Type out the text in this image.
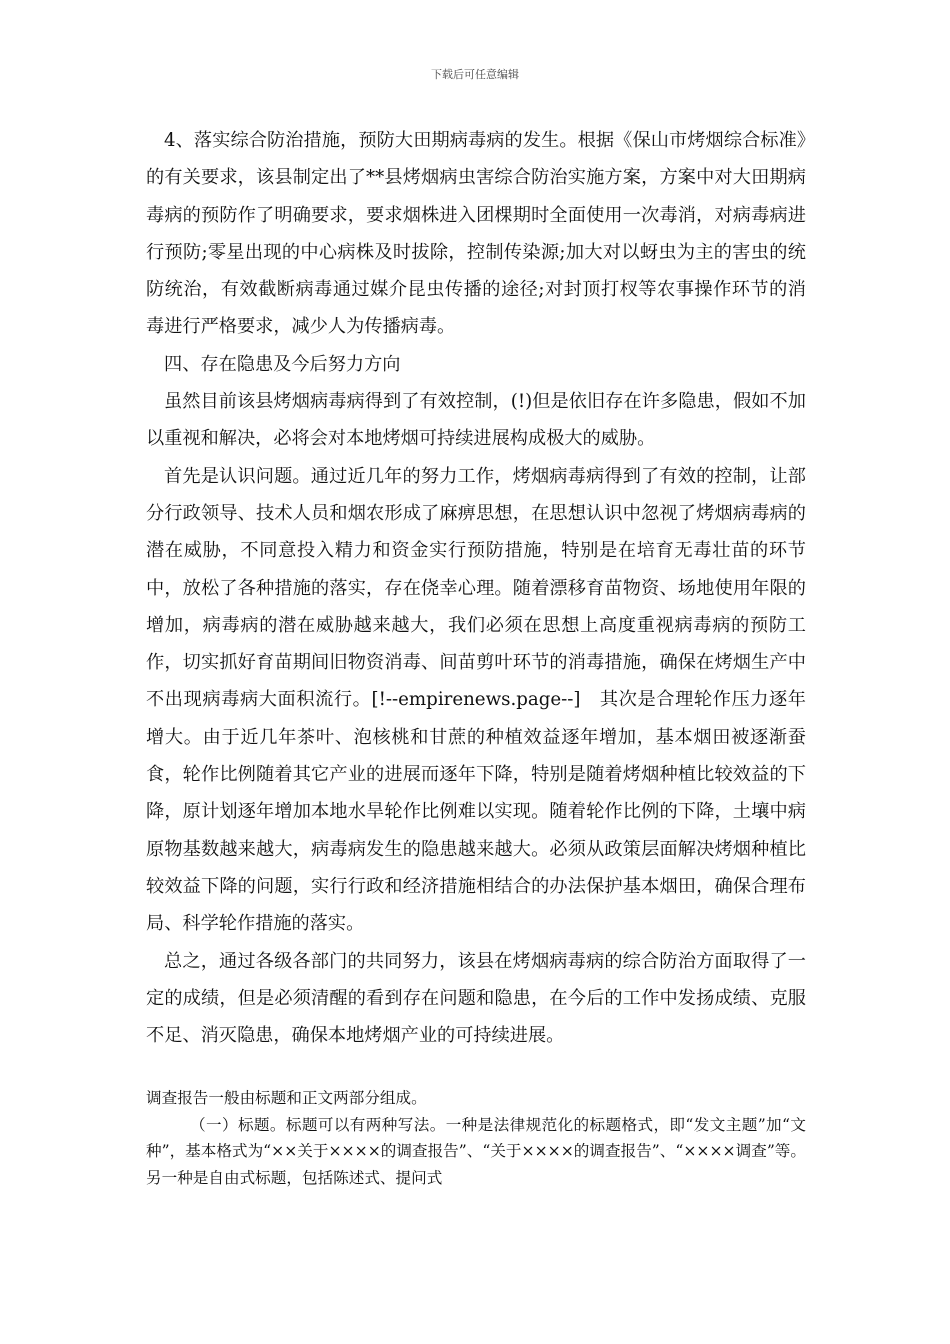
下载后可任意编辑

4、落实综合防治措施，预防大田期病毒病的发生。根据《保山市烤烟综合标准》的有关要求，该县制定出了**县烤烟病虫害综合防治实施方案，方案中对大田期病毒病的预防作了明确要求，要求烟株进入团棵期时全面使用一次毒消，对病毒病进行预防;零星出现的中心病株及时拔除，控制传染源;加大对以蚜虫为主的害虫的统防统治，有效截断病毒通过媒介昆虫传播的途径;对封顶打杈等农事操作环节的消毒进行严格要求，减少人为传播病毒。

四、存在隐患及今后努力方向

虽然目前该县烤烟病毒病得到了有效控制，(!)但是依旧存在许多隐患，假如不加以重视和解决，必将会对本地烤烟可持续进展构成极大的威胁。

首先是认识问题。通过近几年的努力工作，烤烟病毒病得到了有效的控制，让部分行政领导、技术人员和烟农形成了麻痹思想，在思想认识中忽视了烤烟病毒病的潜在威胁，不同意投入精力和资金实行预防措施，特别是在培育无毒壮苗的环节中，放松了各种措施的落实，存在侥幸心理。随着漂移育苗物资、场地使用年限的增加，病毒病的潜在威胁越来越大，我们必须在思想上高度重视病毒病的预防工作，切实抓好育苗期间旧物资消毒、间苗剪叶环节的消毒措施，确保在烤烟生产中不出现病毒病大面积流行。[!--empirenews.page--]　其次是合理轮作压力逐年增大。由于近几年茶叶、泡核桃和甘蔗的种植效益逐年增加，基本烟田被逐渐蚕食，轮作比例随着其它产业的进展而逐年下降，特别是随着烤烟种植比较效益的下降，原计划逐年增加本地水旱轮作比例难以实现。随着轮作比例的下降，土壤中病原物基数越来越大，病毒病发生的隐患越来越大。必须从政策层面解决烤烟种植比较效益下降的问题，实行行政和经济措施相结合的办法保护基本烟田，确保合理布局、科学轮作措施的落实。

总之，通过各级各部门的共同努力，该县在烤烟病毒病的综合防治方面取得了一定的成绩，但是必须清醒的看到存在问题和隐患，在今后的工作中发扬成绩、克服不足、消灭隐患，确保本地烤烟产业的可持续进展。

调查报告一般由标题和正文两部分组成。

（一）标题。标题可以有两种写法。一种是法律规范化的标题格式，即“发文主题”加“文种”，基本格式为“××关于××××的调查报告”、“关于××××的调查报告”、“××××调查”等。另一种是自由式标题，包括陈述式、提问式
